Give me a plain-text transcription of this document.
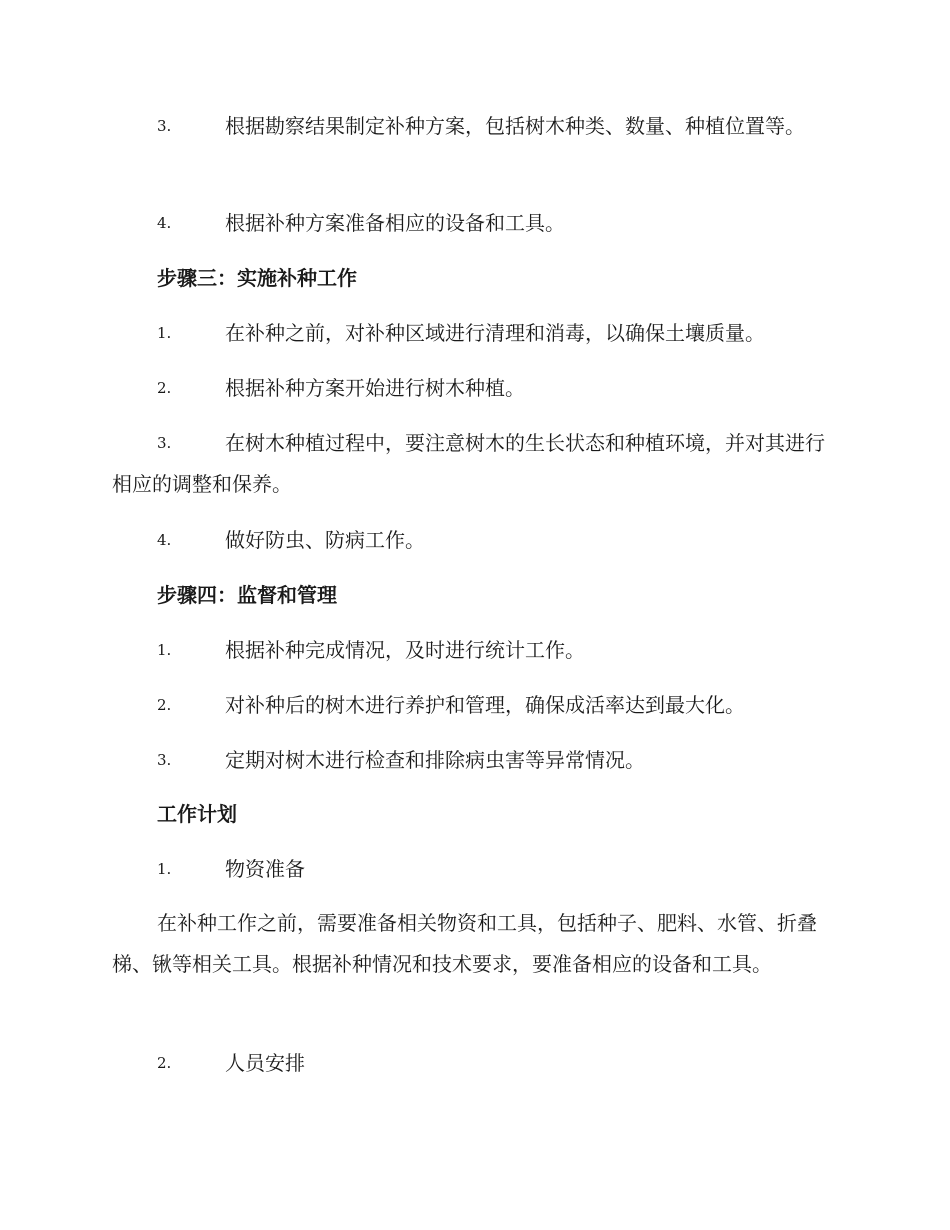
3.	根据勘察结果制定补种方案，包括树木种类、数量、种植位置等。
4.	根据补种方案准备相应的设备和工具。
步骤三：实施补种工作
1.	在补种之前，对补种区域进行清理和消毒，以确保土壤质量。
2.	根据补种方案开始进行树木种植。
3.	在树木种植过程中，要注意树木的生长状态和种植环境，并对其进行相应的调整和保养。
4.	做好防虫、防病工作。
步骤四：监督和管理
1.	根据补种完成情况，及时进行统计工作。
2.	对补种后的树木进行养护和管理，确保成活率达到最大化。
3.	定期对树木进行检查和排除病虫害等异常情况。
工作计划
1.	物资准备
在补种工作之前，需要准备相关物资和工具，包括种子、肥料、水管、折叠梯、锹等相关工具。根据补种情况和技术要求，要准备相应的设备和工具。
2.	人员安排
